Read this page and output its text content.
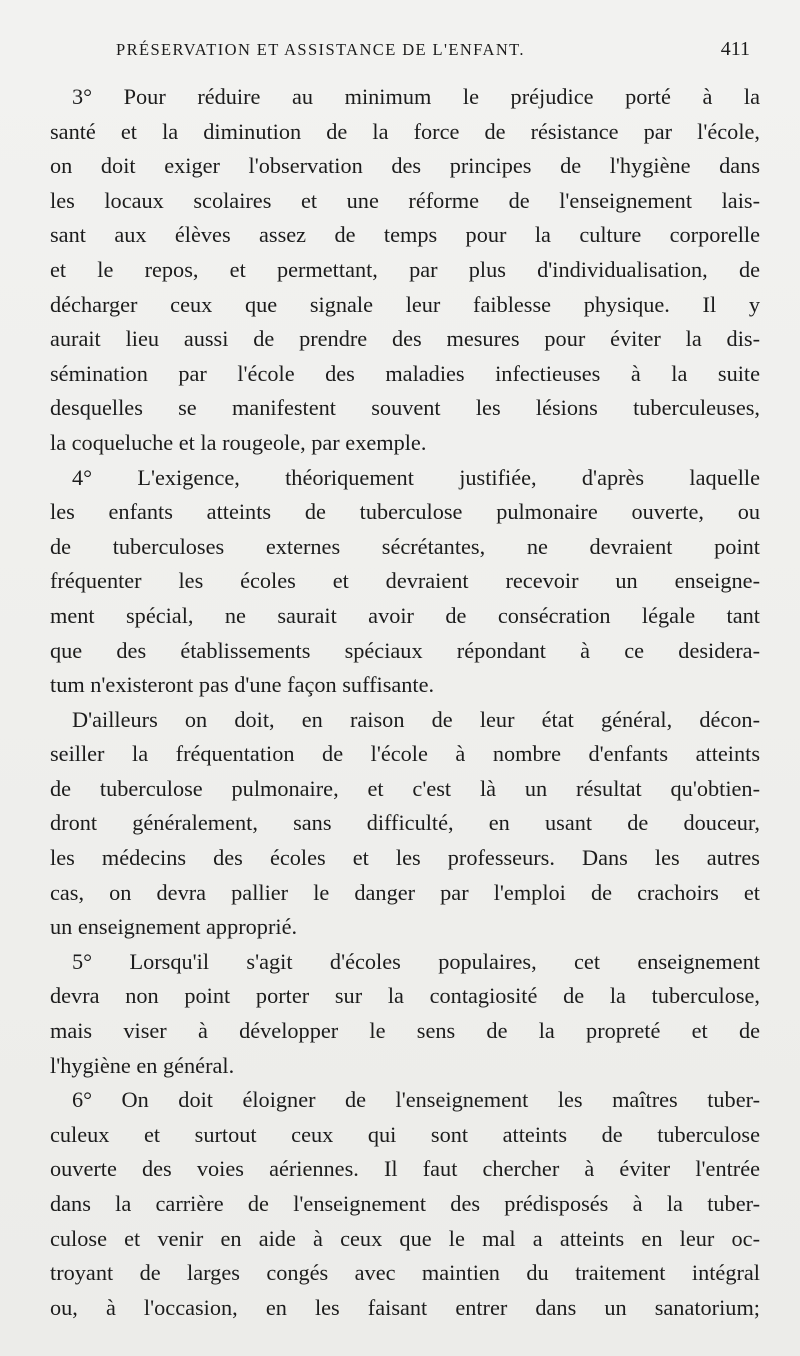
PRÉSERVATION ET ASSISTANCE DE L'ENFANT.	411
3° Pour réduire au minimum le préjudice porté à la
santé et la diminution de la force de résistance par l'école,
on doit exiger l'observation des principes de l'hygiène dans
les locaux scolaires et une réforme de l'enseignement lais-
sant aux élèves assez de temps pour la culture corporelle
et le repos, et permettant, par plus d'individualisation, de
décharger ceux que signale leur faiblesse physique. Il y
aurait lieu aussi de prendre des mesures pour éviter la dis-
sémination par l'école des maladies infectieuses à la suite
desquelles se manifestent souvent les lésions tuberculeuses,
la coqueluche et la rougeole, par exemple.
4° L'exigence, théoriquement justifiée, d'après laquelle
les enfants atteints de tuberculose pulmonaire ouverte, ou
de tuberculoses externes sécrétantes, ne devraient point
fréquenter les écoles et devraient recevoir un enseigne-
ment spécial, ne saurait avoir de consécration légale tant
que des établissements spéciaux répondant à ce desidera-
tum n'existeront pas d'une façon suffisante.
D'ailleurs on doit, en raison de leur état général, décon-
seiller la fréquentation de l'école à nombre d'enfants atteints
de tuberculose pulmonaire, et c'est là un résultat qu'obtien-
dront généralement, sans difficulté, en usant de douceur,
les médecins des écoles et les professeurs. Dans les autres
cas, on devra pallier le danger par l'emploi de crachoirs et
un enseignement approprié.
5° Lorsqu'il s'agit d'écoles populaires, cet enseignement
devra non point porter sur la contagiosité de la tuberculose,
mais viser à développer le sens de la propreté et de
l'hygiène en général.
6° On doit éloigner de l'enseignement les maîtres tuber-
culeux et surtout ceux qui sont atteints de tuberculose
ouverte des voies aériennes. Il faut chercher à éviter l'entrée
dans la carrière de l'enseignement des prédisposés à la tuber-
culose et venir en aide à ceux que le mal a atteints en leur oc-
troyant de larges congés avec maintien du traitement intégral
ou, à l'occasion, en les faisant entrer dans un sanatorium;
